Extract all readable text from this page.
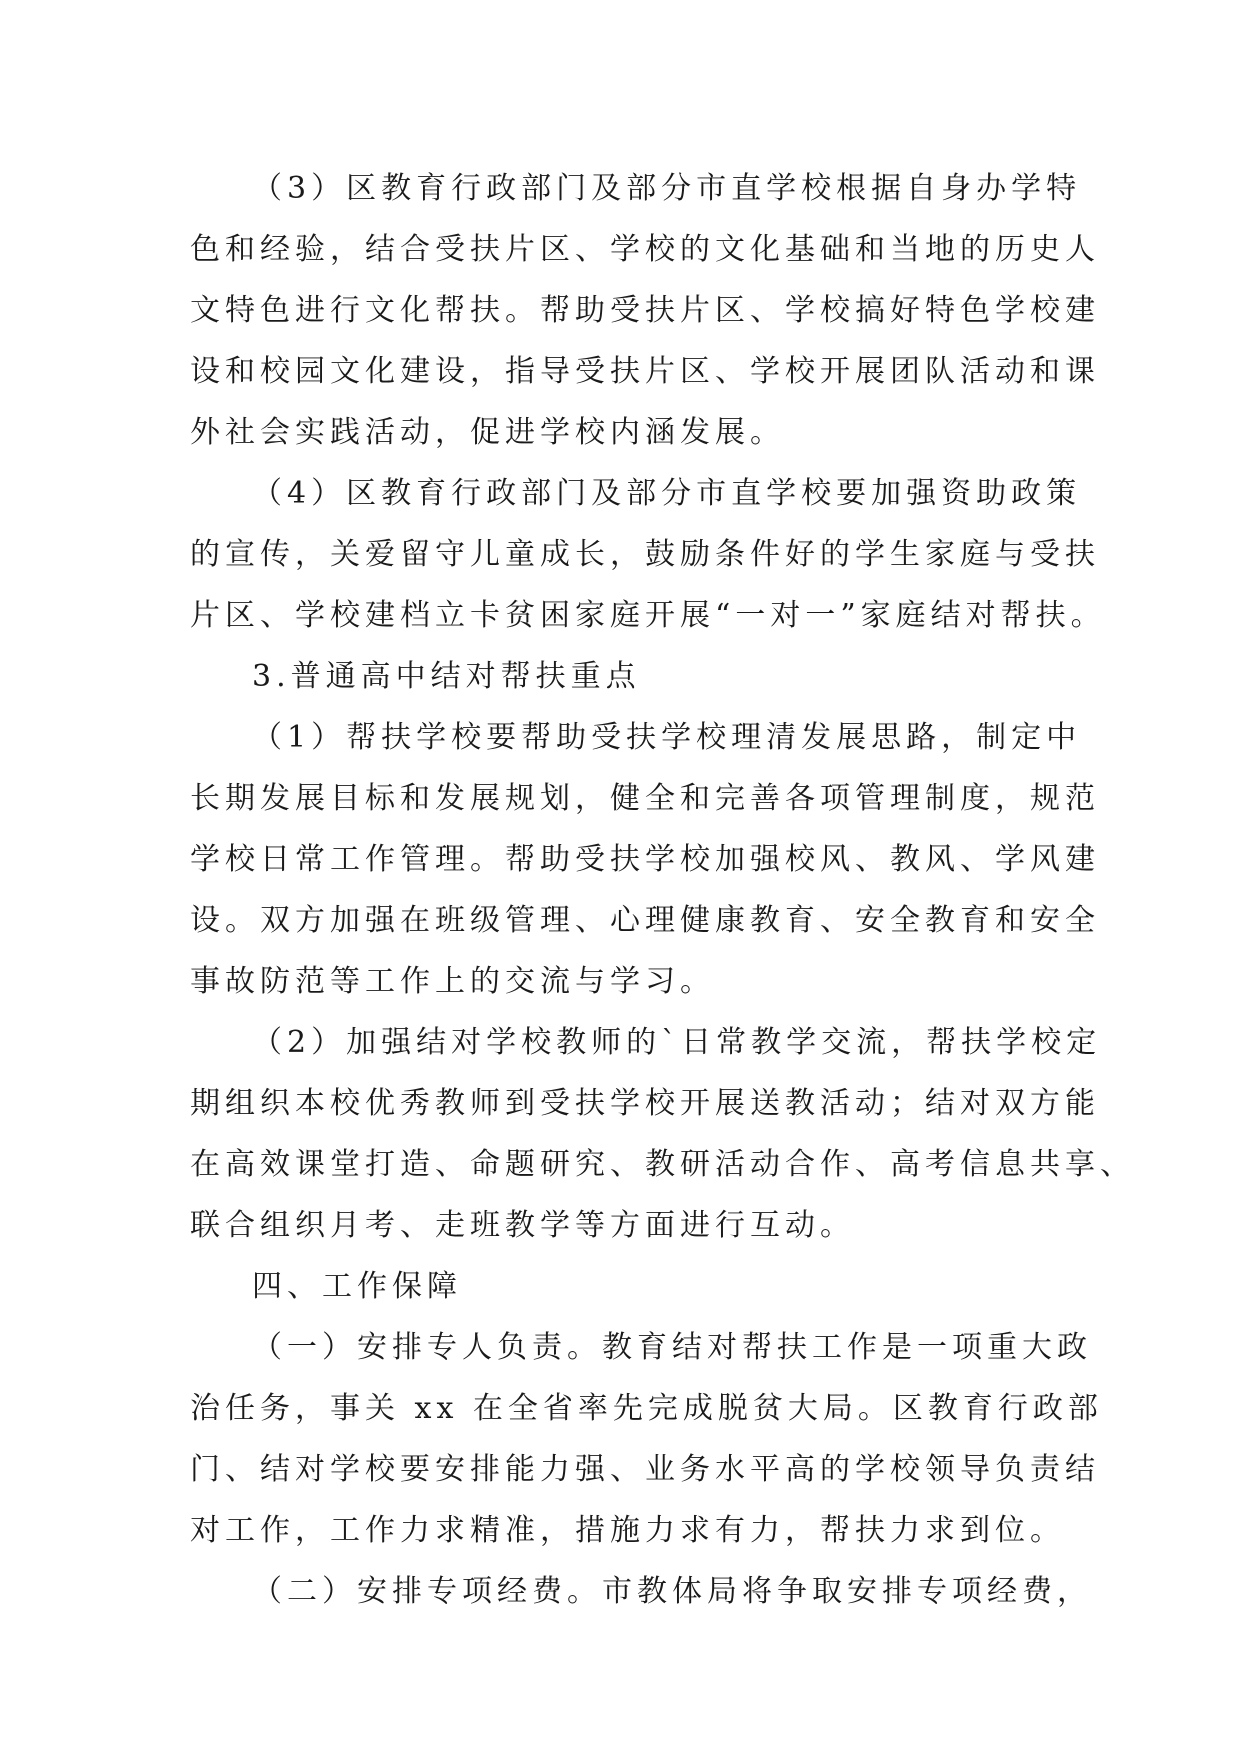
（3）区教育行政部门及部分市直学校根据自身办学特
色和经验，结合受扶片区、学校的文化基础和当地的历史人
文特色进行文化帮扶。帮助受扶片区、学校搞好特色学校建
设和校园文化建设，指导受扶片区、学校开展团队活动和课
外社会实践活动，促进学校内涵发展。
（4）区教育行政部门及部分市直学校要加强资助政策
的宣传，关爱留守儿童成长，鼓励条件好的学生家庭与受扶
片区、学校建档立卡贫困家庭开展“一对一”家庭结对帮扶。
3.普通高中结对帮扶重点
（1）帮扶学校要帮助受扶学校理清发展思路，制定中
长期发展目标和发展规划，健全和完善各项管理制度，规范
学校日常工作管理。帮助受扶学校加强校风、教风、学风建
设。双方加强在班级管理、心理健康教育、安全教育和安全
事故防范等工作上的交流与学习。
（2）加强结对学校教师的`日常教学交流，帮扶学校定
期组织本校优秀教师到受扶学校开展送教活动；结对双方能
在高效课堂打造、命题研究、教研活动合作、高考信息共享、
联合组织月考、走班教学等方面进行互动。
四、工作保障
（一）安排专人负责。教育结对帮扶工作是一项重大政
治任务，事关 xx 在全省率先完成脱贫大局。区教育行政部
门、结对学校要安排能力强、业务水平高的学校领导负责结
对工作，工作力求精准，措施力求有力，帮扶力求到位。
（二）安排专项经费。市教体局将争取安排专项经费，
